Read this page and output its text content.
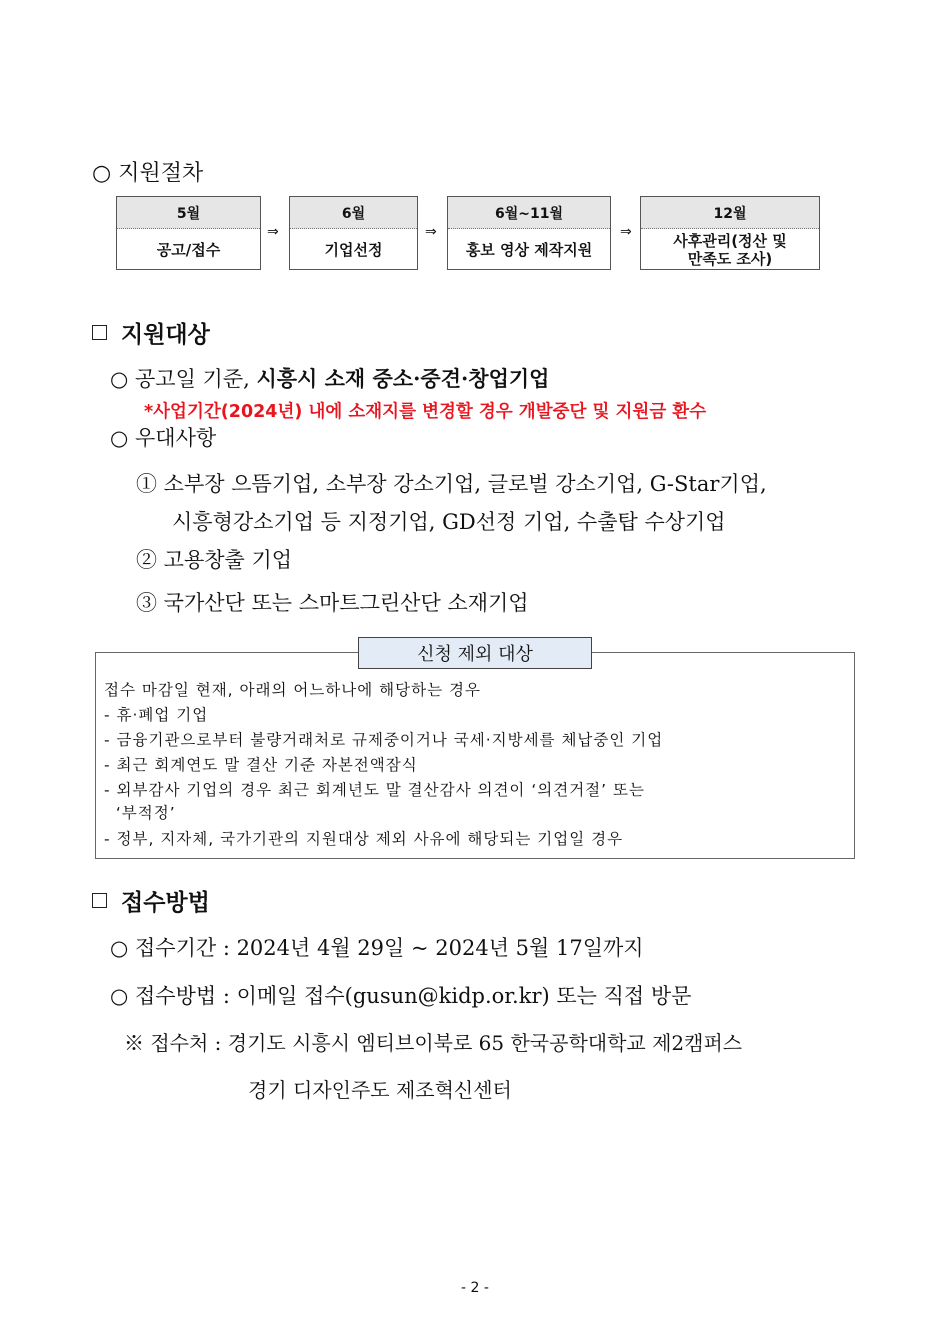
○ 지원절차
5월
공고/접수
⇒
6월
기업선정
⇒
6월~11월
홍보 영상 제작지원
⇒
12월
사후관리(정산 및
만족도 조사)
지원대상
○ 공고일 기준, 시흥시 소재 중소·중견·창업기업
*사업기간(2024년) 내에 소재지를 변경할 경우 개발중단 및 지원금 환수
○ 우대사항
① 소부장 으뜸기업, 소부장 강소기업, 글로벌 강소기업, G-Star기업,
시흥형강소기업 등 지정기업, GD선정 기업, 수출탑 수상기업
② 고용창출 기업
③ 국가산단 또는 스마트그린산단 소재기업
신청 제외 대상
접수 마감일 현재, 아래의 어느하나에 해당하는 경우
- 휴·폐업 기업
- 금융기관으로부터 불량거래처로 규제중이거나 국세·지방세를 체납중인 기업
- 최근 회계연도 말 결산 기준 자본전액잠식
- 외부감사 기업의 경우 최근 회계년도 말 결산감사 의견이 ‘의견거절’ 또는
‘부적정’
- 정부, 지자체, 국가기관의 지원대상 제외 사유에 해당되는 기업일 경우
접수방법
○ 접수기간 : 2024년 4월 29일 ~ 2024년 5월 17일까지
○ 접수방법 : 이메일 접수(gusun@kidp.or.kr) 또는 직접 방문
※ 접수처 : 경기도 시흥시 엠티브이북로 65 한국공학대학교 제2캠퍼스
경기 디자인주도 제조혁신센터
- 2 -
